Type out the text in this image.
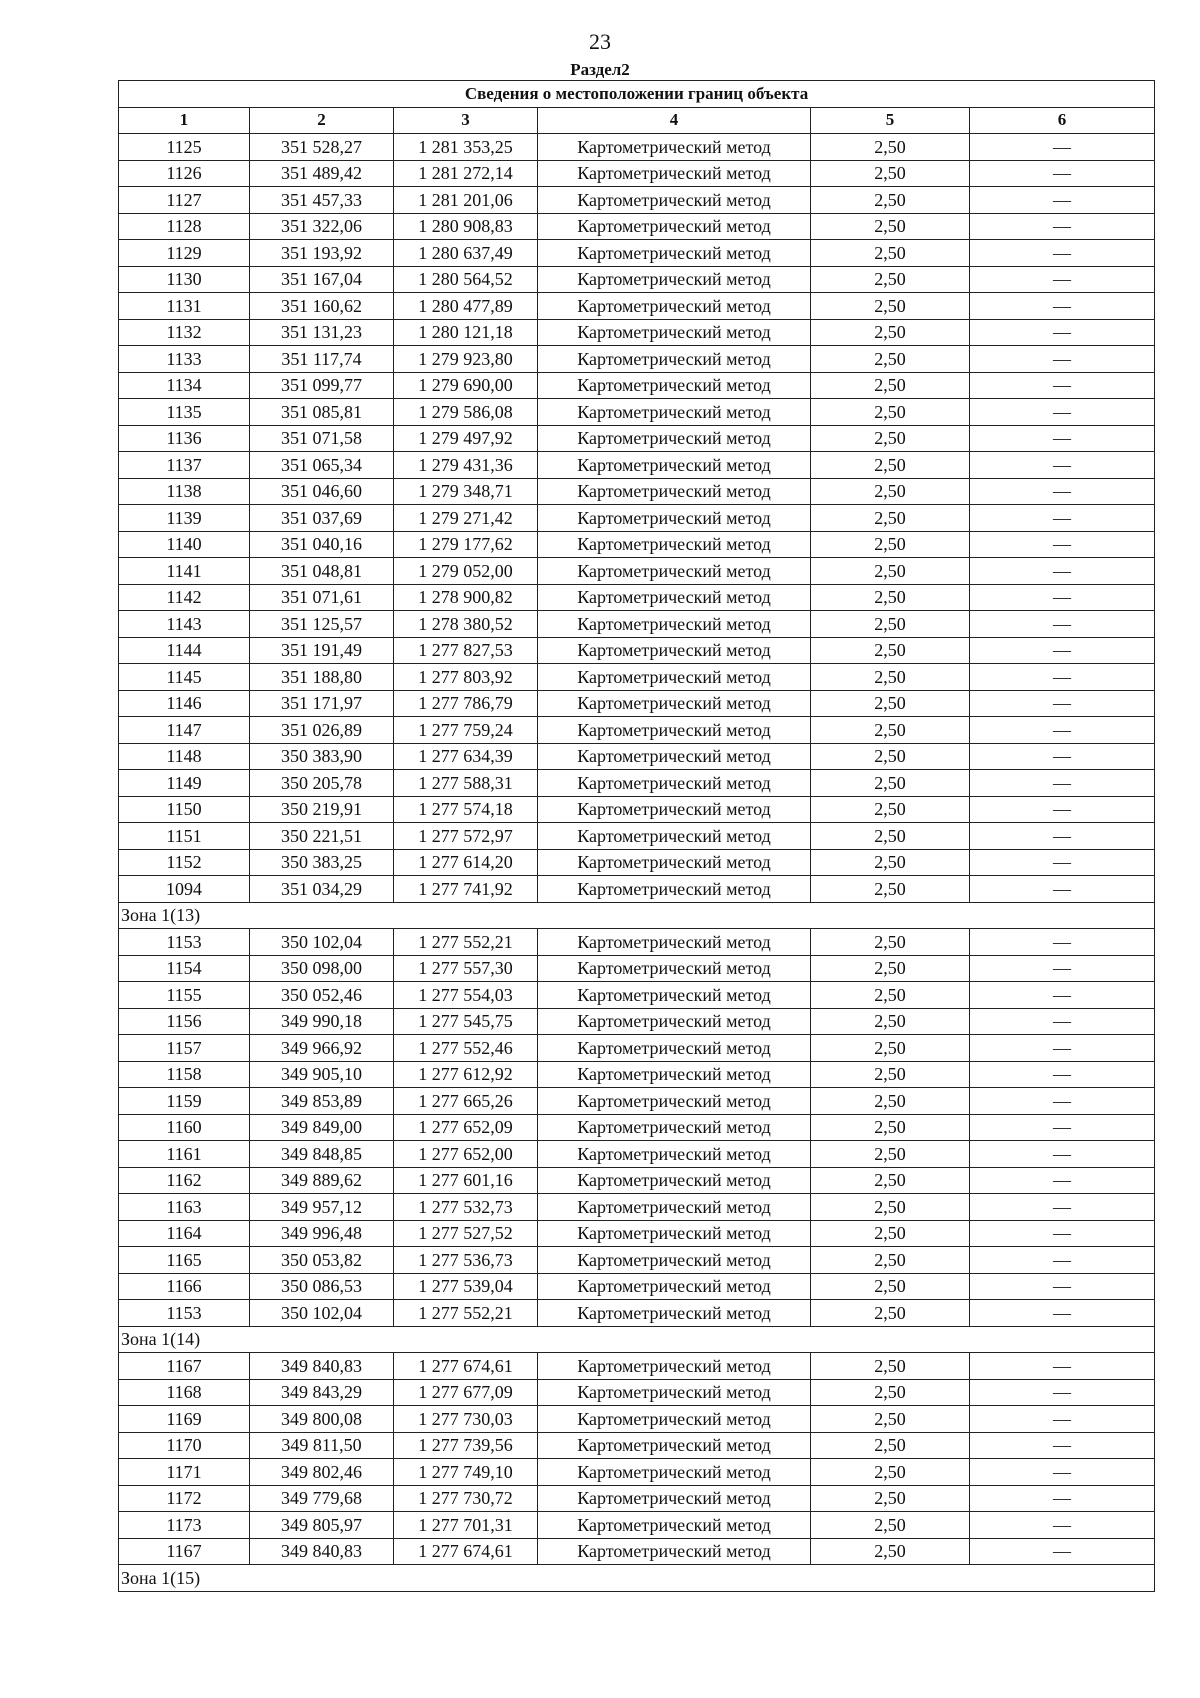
23
Раздел2
Сведения о местоположении границ объекта					
1	2	3	4	5	6
1125	351 528,27	1 281 353,25	Картометрический метод	2,50	—
1126	351 489,42	1 281 272,14	Картометрический метод	2,50	—
1127	351 457,33	1 281 201,06	Картометрический метод	2,50	—
1128	351 322,06	1 280 908,83	Картометрический метод	2,50	—
1129	351 193,92	1 280 637,49	Картометрический метод	2,50	—
1130	351 167,04	1 280 564,52	Картометрический метод	2,50	—
1131	351 160,62	1 280 477,89	Картометрический метод	2,50	—
1132	351 131,23	1 280 121,18	Картометрический метод	2,50	—
1133	351 117,74	1 279 923,80	Картометрический метод	2,50	—
1134	351 099,77	1 279 690,00	Картометрический метод	2,50	—
1135	351 085,81	1 279 586,08	Картометрический метод	2,50	—
1136	351 071,58	1 279 497,92	Картометрический метод	2,50	—
1137	351 065,34	1 279 431,36	Картометрический метод	2,50	—
1138	351 046,60	1 279 348,71	Картометрический метод	2,50	—
1139	351 037,69	1 279 271,42	Картометрический метод	2,50	—
1140	351 040,16	1 279 177,62	Картометрический метод	2,50	—
1141	351 048,81	1 279 052,00	Картометрический метод	2,50	—
1142	351 071,61	1 278 900,82	Картометрический метод	2,50	—
1143	351 125,57	1 278 380,52	Картометрический метод	2,50	—
1144	351 191,49	1 277 827,53	Картометрический метод	2,50	—
1145	351 188,80	1 277 803,92	Картометрический метод	2,50	—
1146	351 171,97	1 277 786,79	Картометрический метод	2,50	—
1147	351 026,89	1 277 759,24	Картометрический метод	2,50	—
1148	350 383,90	1 277 634,39	Картометрический метод	2,50	—
1149	350 205,78	1 277 588,31	Картометрический метод	2,50	—
1150	350 219,91	1 277 574,18	Картометрический метод	2,50	—
1151	350 221,51	1 277 572,97	Картометрический метод	2,50	—
1152	350 383,25	1 277 614,20	Картометрический метод	2,50	—
1094	351 034,29	1 277 741,92	Картометрический метод	2,50	—
Зона 1(13)					
1153	350 102,04	1 277 552,21	Картометрический метод	2,50	—
1154	350 098,00	1 277 557,30	Картометрический метод	2,50	—
1155	350 052,46	1 277 554,03	Картометрический метод	2,50	—
1156	349 990,18	1 277 545,75	Картометрический метод	2,50	—
1157	349 966,92	1 277 552,46	Картометрический метод	2,50	—
1158	349 905,10	1 277 612,92	Картометрический метод	2,50	—
1159	349 853,89	1 277 665,26	Картометрический метод	2,50	—
1160	349 849,00	1 277 652,09	Картометрический метод	2,50	—
1161	349 848,85	1 277 652,00	Картометрический метод	2,50	—
1162	349 889,62	1 277 601,16	Картометрический метод	2,50	—
1163	349 957,12	1 277 532,73	Картометрический метод	2,50	—
1164	349 996,48	1 277 527,52	Картометрический метод	2,50	—
1165	350 053,82	1 277 536,73	Картометрический метод	2,50	—
1166	350 086,53	1 277 539,04	Картометрический метод	2,50	—
1153	350 102,04	1 277 552,21	Картометрический метод	2,50	—
Зона 1(14)					
1167	349 840,83	1 277 674,61	Картометрический метод	2,50	—
1168	349 843,29	1 277 677,09	Картометрический метод	2,50	—
1169	349 800,08	1 277 730,03	Картометрический метод	2,50	—
1170	349 811,50	1 277 739,56	Картометрический метод	2,50	—
1171	349 802,46	1 277 749,10	Картометрический метод	2,50	—
1172	349 779,68	1 277 730,72	Картометрический метод	2,50	—
1173	349 805,97	1 277 701,31	Картометрический метод	2,50	—
1167	349 840,83	1 277 674,61	Картометрический метод	2,50	—
Зона 1(15)					
